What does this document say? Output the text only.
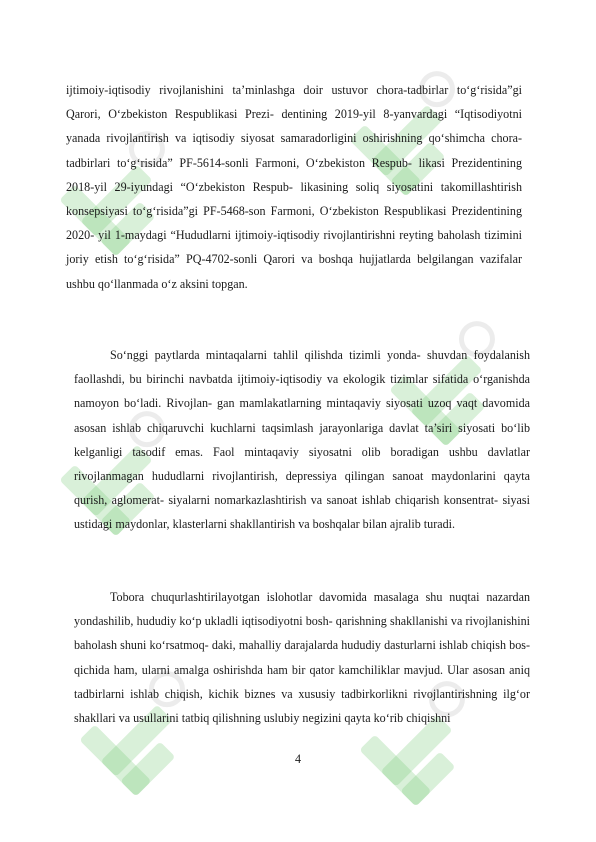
ijtimoiy-iqtisodiy rivojlanishini ta’minlashga doir ustuvor chora-tadbirlar to‘g‘risida”gi Qarori, O‘zbekiston Respublikasi Prezi- dentining 2019-yil 8-yanvardagi “Iqtisodiyotni yanada rivojlantirish va iqtisodiy siyosat samaradorligini oshirishning qo‘shimcha chora- tadbirlari to‘g‘risida” PF-5614-sonli Farmoni, O‘zbekiston Respub- likasi Prezidentining 2018-yil 29-iyundagi “O‘zbekiston Respub- likasining soliq siyosatini takomillashtirish konsepsiyasi to‘g‘risida”gi PF-5468-son Farmoni, O‘zbekiston Respublikasi Prezidentining 2020- yil 1-maydagi “Hududlarni ijtimoiy-iqtisodiy rivojlantirishni reyting baholash tizimini joriy etish to‘g‘risida” PQ-4702-sonli Qarori va boshqa hujjatlarda belgilangan vazifalar ushbu qo‘llanmada o‘z aksini topgan.

So‘nggi paytlarda mintaqalarni tahlil qilishda tizimli yonda- shuvdan foydalanish faollashdi, bu birinchi navbatda ijtimoiy-iqtisodiy va ekologik tizimlar sifatida o‘rganishda namoyon bo‘ladi. Rivojlan- gan mamlakatlarning mintaqaviy siyosati uzoq vaqt davomida asosan ishlab chiqaruvchi kuchlarni taqsimlash jarayonlariga davlat ta’siri siyosati bo‘lib kelganligi tasodif emas. Faol mintaqaviy siyosatni olib boradigan ushbu davlatlar rivojlanmagan hududlarni rivojlantirish, depressiya qilingan sanoat maydonlarini qayta qurish, aglomerat- siyalarni nomarkazlashtirish va sanoat ishlab chiqarish konsentrat- siyasi ustidagi maydonlar, klasterlarni shakllantirish va boshqalar bilan ajralib turadi.

Tobora chuqurlashtirilayotgan islohotlar davomida masalaga shu nuqtai nazardan yondashilib, hududiy ko‘p ukladli iqtisodiyotni bosh- qarishning shakllanishi va rivojlanishini baholash shuni ko‘rsatmoq- daki, mahalliy darajalarda hududiy dasturlarni ishlab chiqish bos- qichida ham, ularni amalga oshirishda ham bir qator kamchiliklar mavjud. Ular asosan aniq tadbirlarni ishlab chiqish, kichik biznes va xususiy tadbirkorlikni rivojlantirishning ilg‘or shakllari va usullarini tatbiq qilishning uslubiy negizini qayta ko‘rib chiqishni

4
